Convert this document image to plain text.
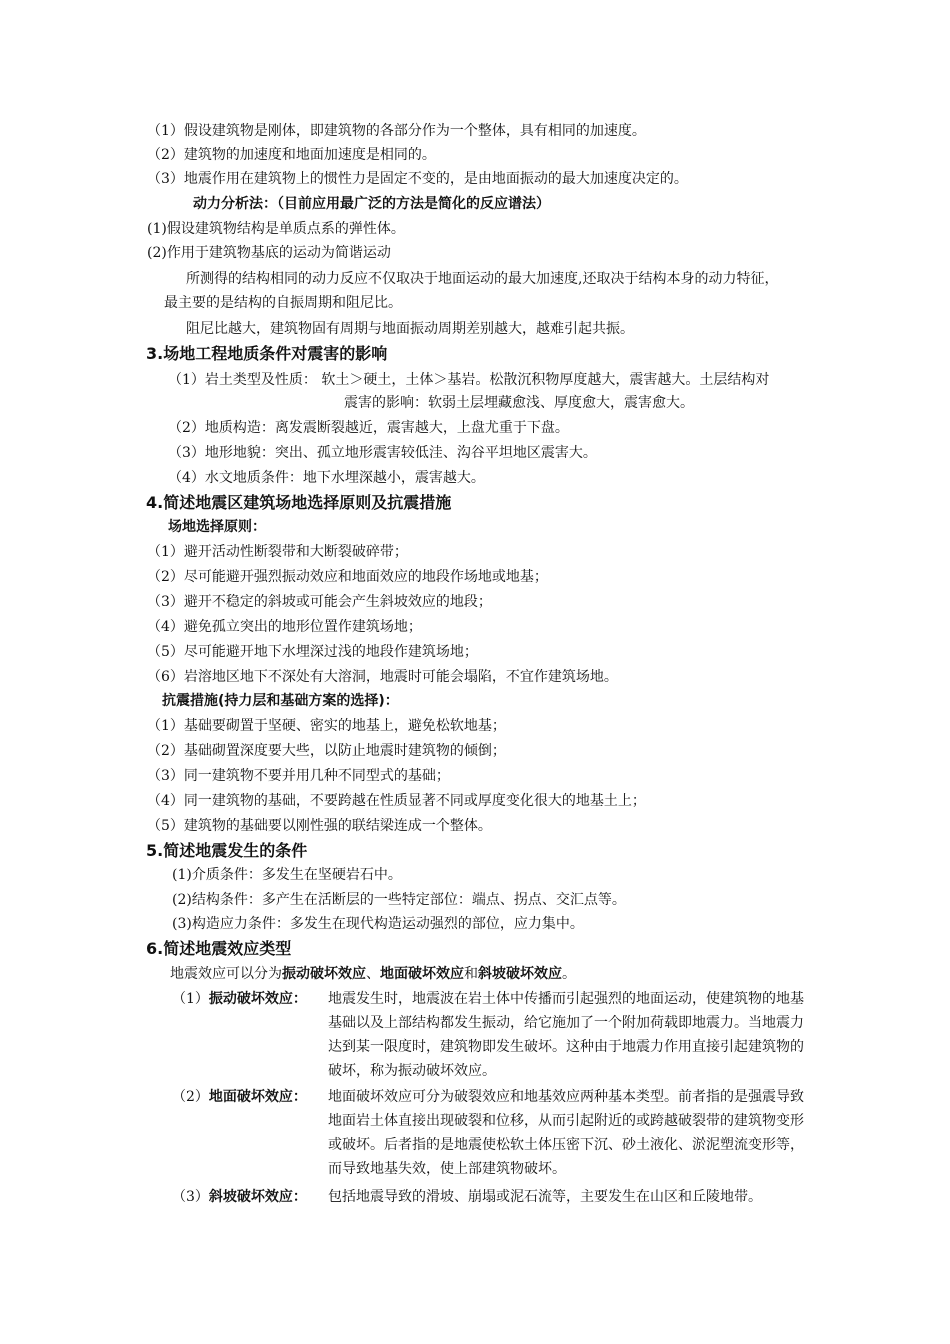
（1）假设建筑物是刚体，即建筑物的各部分作为一个整体，具有相同的加速度。
（2）建筑物的加速度和地面加速度是相同的。
（3）地震作用在建筑物上的惯性力是固定不变的，是由地面振动的最大加速度决定的。
动力分析法：（目前应用最广泛的方法是简化的反应谱法）
(1)假设建筑物结构是单质点系的弹性体。
(2)作用于建筑物基底的运动为简谐运动
所测得的结构相同的动力反应不仅取决于地面运动的最大加速度,还取决于结构本身的动力特征，
最主要的是结构的自振周期和阻尼比。
阻尼比越大，建筑物固有周期与地面振动周期差别越大，越难引起共振。
3.场地工程地质条件对震害的影响
（1）岩土类型及性质： 软土＞硬土，土体＞基岩。松散沉积物厚度越大，震害越大。土层结构对
震害的影响：软弱土层埋藏愈浅、厚度愈大，震害愈大。
（2）地质构造：离发震断裂越近，震害越大，上盘尤重于下盘。
（3）地形地貌：突出、孤立地形震害较低洼、沟谷平坦地区震害大。
（4）水文地质条件：地下水埋深越小，震害越大。
4.简述地震区建筑场地选择原则及抗震措施
场地选择原则：
（1）避开活动性断裂带和大断裂破碎带；
（2）尽可能避开强烈振动效应和地面效应的地段作场地或地基；
（3）避开不稳定的斜坡或可能会产生斜坡效应的地段；
（4）避免孤立突出的地形位置作建筑场地；
（5）尽可能避开地下水埋深过浅的地段作建筑场地；
（6）岩溶地区地下不深处有大溶洞，地震时可能会塌陷，不宜作建筑场地。
抗震措施(持力层和基础方案的选择)：
（1）基础要砌置于坚硬、密实的地基上，避免松软地基；
（2）基础砌置深度要大些，以防止地震时建筑物的倾倒；
（3）同一建筑物不要并用几种不同型式的基础；
（4）同一建筑物的基础，不要跨越在性质显著不同或厚度变化很大的地基土上；
（5）建筑物的基础要以刚性强的联结梁连成一个整体。
5.简述地震发生的条件
(1)介质条件：多发生在坚硬岩石中。
(2)结构条件：多产生在活断层的一些特定部位：端点、拐点、交汇点等。
(3)构造应力条件：多发生在现代构造运动强烈的部位，应力集中。
6.简述地震效应类型
地震效应可以分为振动破坏效应、地面破坏效应和斜坡破坏效应。
（1）振动破坏效应： 地震发生时，地震波在岩土体中传播而引起强烈的地面运动，使建筑物的地基
基础以及上部结构都发生振动，给它施加了一个附加荷载即地震力。当地震力
达到某一限度时，建筑物即发生破坏。这种由于地震力作用直接引起建筑物的
破坏，称为振动破坏效应。
（2）地面破坏效应： 地面破坏效应可分为破裂效应和地基效应两种基本类型。前者指的是强震导致
地面岩土体直接出现破裂和位移，从而引起附近的或跨越破裂带的建筑物变形
或破坏。后者指的是地震使松软土体压密下沉、砂土液化、淤泥塑流变形等，
而导致地基失效，使上部建筑物破坏。
（3）斜坡破坏效应： 包括地震导致的滑坡、崩塌或泥石流等，主要发生在山区和丘陵地带。
